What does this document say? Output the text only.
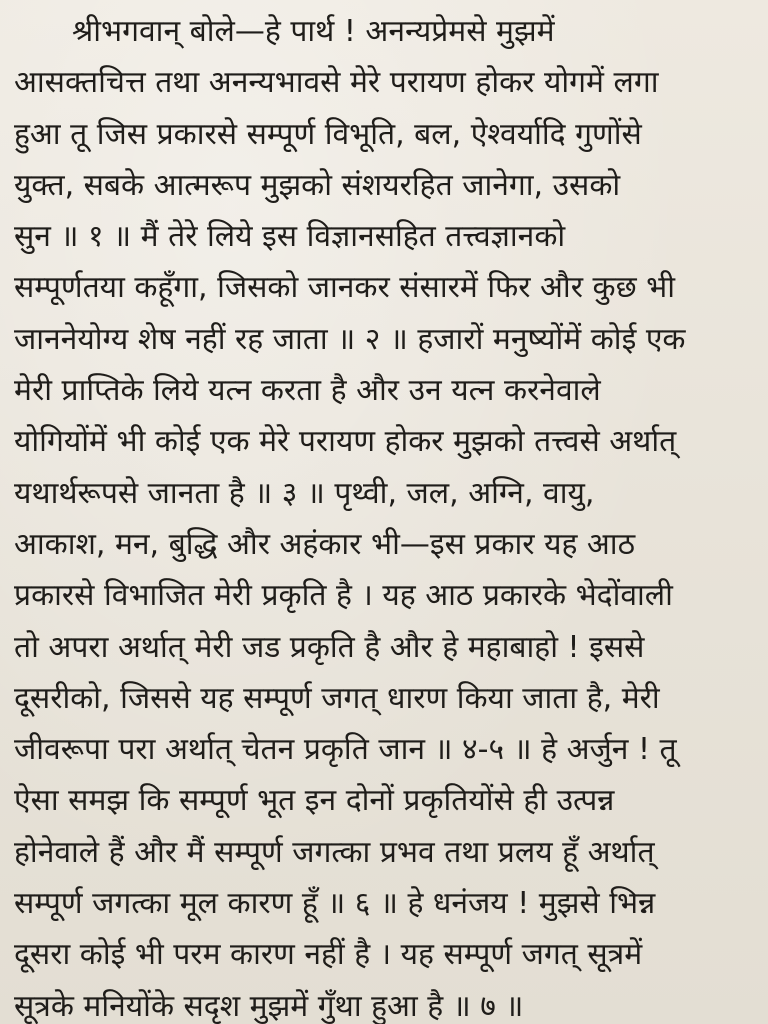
श्रीभगवान् बोले—हे पार्थ ! अनन्यप्रेमसे मुझमें
आसक्तचित्त तथा अनन्यभावसे मेरे परायण होकर योगमें लगा
हुआ तू जिस प्रकारसे सम्पूर्ण विभूति, बल, ऐश्वर्यादि गुणोंसे
युक्त, सबके आत्मरूप मुझको संशयरहित जानेगा, उसको
सुन ॥ १ ॥ मैं तेरे लिये इस विज्ञानसहित तत्त्वज्ञानको
सम्पूर्णतया कहूँगा, जिसको जानकर संसारमें फिर और कुछ भी
जाननेयोग्य शेष नहीं रह जाता ॥ २ ॥ हजारों मनुष्योंमें कोई एक
मेरी प्राप्तिके लिये यत्न करता है और उन यत्न करनेवाले
योगियोंमें भी कोई एक मेरे परायण होकर मुझको तत्त्वसे अर्थात्
यथार्थरूपसे जानता है ॥ ३ ॥ पृथ्वी, जल, अग्नि, वायु,
आकाश, मन, बुद्धि और अहंकार भी—इस प्रकार यह आठ
प्रकारसे विभाजित मेरी प्रकृति है । यह आठ प्रकारके भेदोंवाली
तो अपरा अर्थात् मेरी जड प्रकृति है और हे महाबाहो ! इससे
दूसरीको, जिससे यह सम्पूर्ण जगत् धारण किया जाता है, मेरी
जीवरूपा परा अर्थात् चेतन प्रकृति जान ॥ ४-५ ॥ हे अर्जुन ! तू
ऐसा समझ कि सम्पूर्ण भूत इन दोनों प्रकृतियोंसे ही उत्पन्न
होनेवाले हैं और मैं सम्पूर्ण जगत्का प्रभव तथा प्रलय हूँ अर्थात्
सम्पूर्ण जगत्का मूल कारण हूँ ॥ ६ ॥ हे धनंजय ! मुझसे भिन्न
दूसरा कोई भी परम कारण नहीं है । यह सम्पूर्ण जगत् सूत्रमें
सूत्रके मनियोंके सदृश मुझमें गुँथा हुआ है ॥ ७ ॥
